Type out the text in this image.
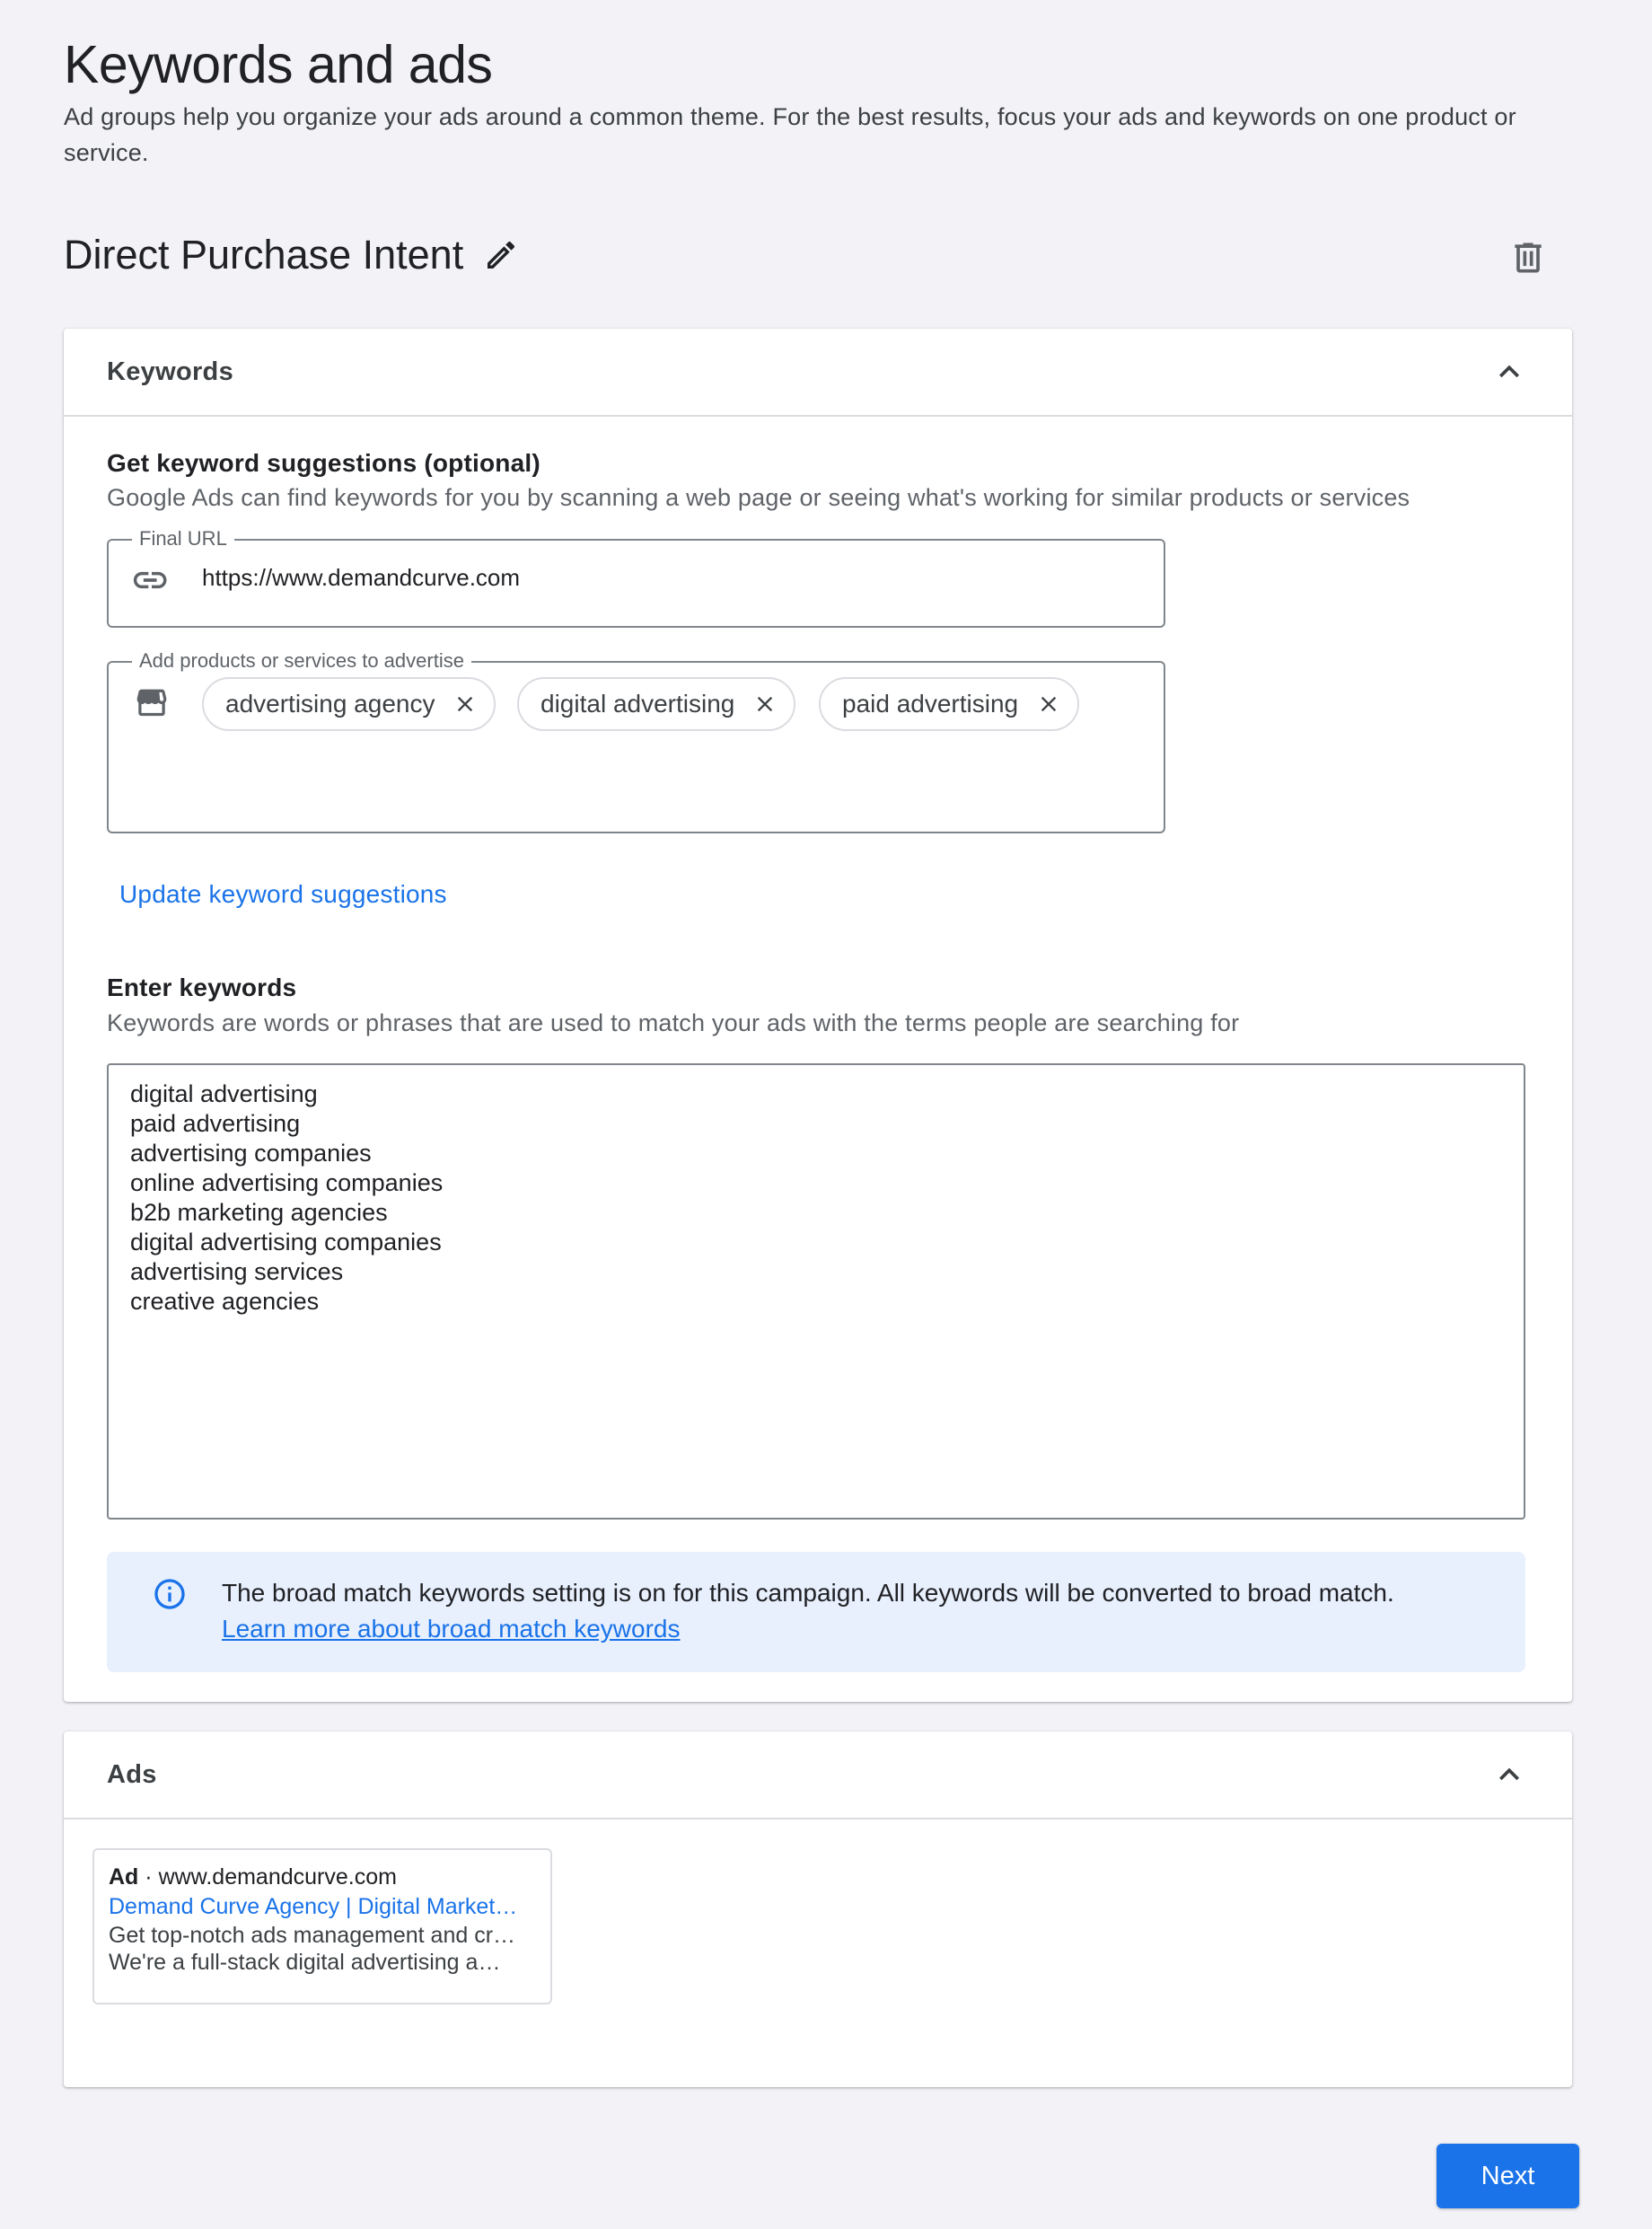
Keywords and ads
Ad groups help you organize your ads around a common theme. For the best results, focus your ads and keywords on one product or service.
Direct Purchase Intent
Keywords
Get keyword suggestions (optional)
Google Ads can find keywords for you by scanning a web page or seeing what's working for similar products or services
Final URL
https://www.demandcurve.com
Add products or services to advertise
advertising agency	digital advertising	paid advertising
Update keyword suggestions
Enter keywords
Keywords are words or phrases that are used to match your ads with the terms people are searching for
digital advertising
paid advertising
advertising companies
online advertising companies
b2b marketing agencies
digital advertising companies
advertising services
creative agencies
The broad match keywords setting is on for this campaign. All keywords will be converted to broad match.
Learn more about broad match keywords
Ads
Ad · www.demandcurve.com
Demand Curve Agency | Digital Market…
Get top-notch ads management and cr…
We're a full-stack digital advertising a…
Next
